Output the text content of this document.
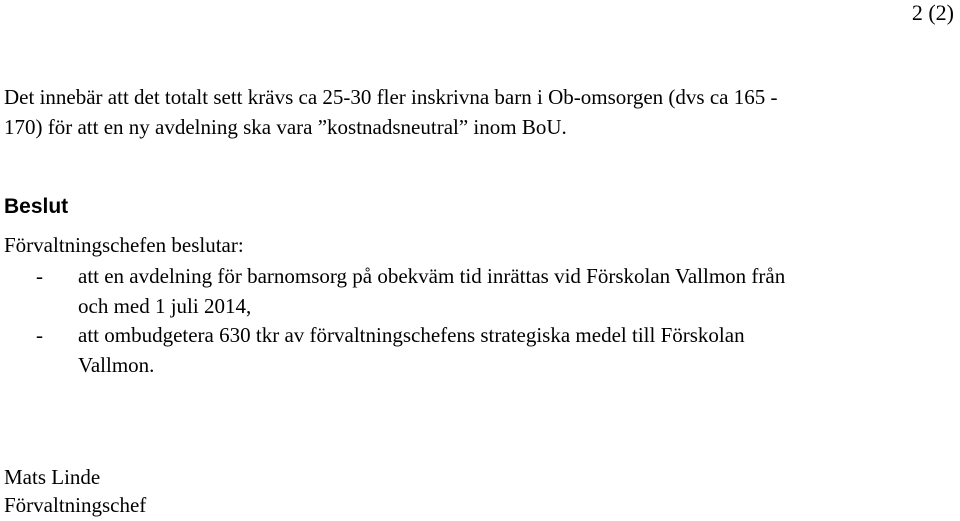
2 (2)

Det innebär att det totalt sett krävs ca 25-30 fler inskrivna barn i Ob-omsorgen (dvs ca 165 - 170) för att en ny avdelning ska vara ”kostnadsneutral” inom BoU.

Beslut
Förvaltningschefen beslutar:
- att en avdelning för barnomsorg på obekväm tid inrättas vid Förskolan Vallmon från och med 1 juli 2014,
- att ombudgetera 630 tkr av förvaltningschefens strategiska medel till Förskolan Vallmon.
Mats Linde
Förvaltningschef
